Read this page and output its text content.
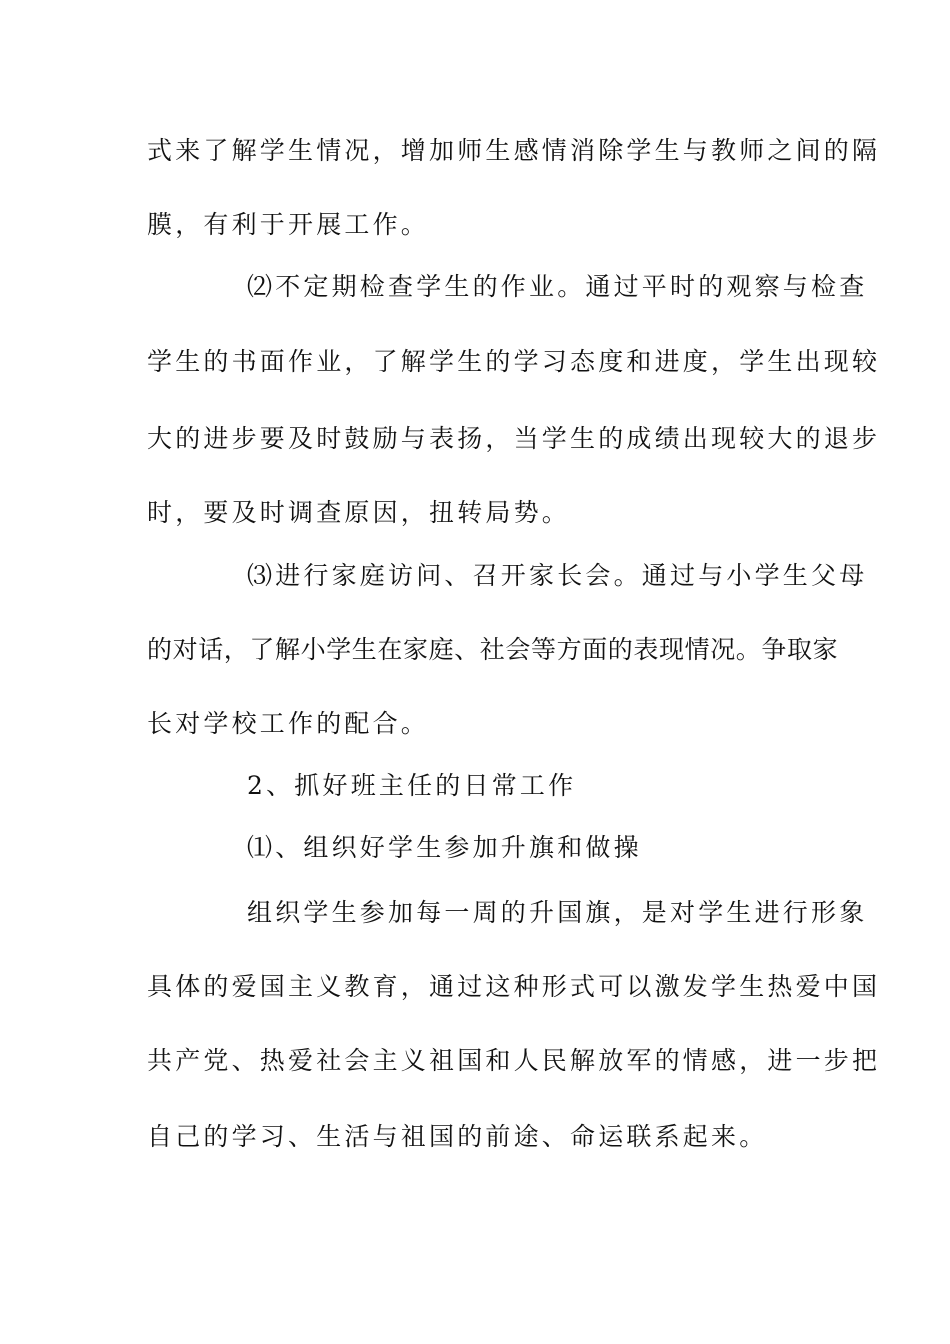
式来了解学生情况，增加师生感情消除学生与教师之间的隔
膜，有利于开展工作。
⑵不定期检查学生的作业。通过平时的观察与检查
学生的书面作业，了解学生的学习态度和进度，学生出现较
大的进步要及时鼓励与表扬，当学生的成绩出现较大的退步
时，要及时调查原因，扭转局势。
⑶进行家庭访问、召开家长会。通过与小学生父母
的对话，了解小学生在家庭、社会等方面的表现情况。争取家
长对学校工作的配合。
2、抓好班主任的日常工作
⑴、组织好学生参加升旗和做操
组织学生参加每一周的升国旗，是对学生进行形象
具体的爱国主义教育，通过这种形式可以激发学生热爱中国
共产党、热爱社会主义祖国和人民解放军的情感，进一步把
自己的学习、生活与祖国的前途、命运联系起来。
